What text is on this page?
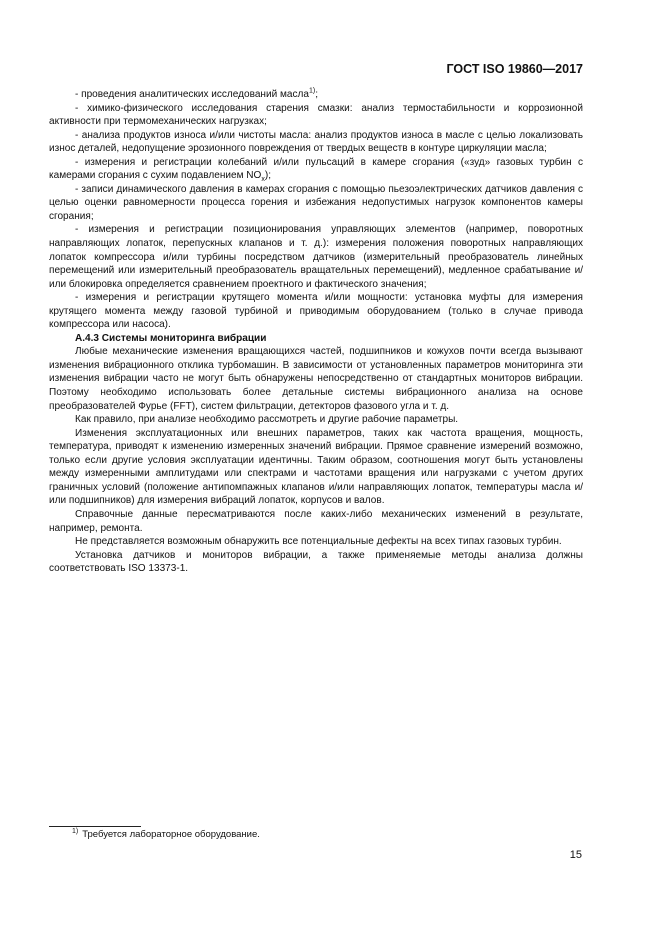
ГОСТ ISO 19860—2017

- проведения аналитических исследований масла$^{1)}$;

- химико-физического исследования старения смазки: анализ термостабильности и коррозионной активности при термомеханических нагрузках;

- анализа продуктов износа и/или чистоты масла: анализ продуктов износа в масле с целью локализовать износ деталей, недопущение эрозионного повреждения от твердых веществ в контуре циркуляции масла;

- измерения и регистрации колебаний и/или пульсаций в камере сгорания («зуд» газовых турбин с камерами сгорания с сухим подавлением $NO_x$);

- записи динамического давления в камерах сгорания с помощью пьезоэлектрических датчиков давления с целью оценки равномерности процесса горения и избежания недопустимых нагрузок компонентов камеры сгорания;

- измерения и регистрации позиционирования управляющих элементов (например, поворотных направляющих лопаток, перепускных клапанов и т. д.): измерения положения поворотных направляющих лопаток компрессора и/или турбины посредством датчиков (измерительный преобразователь линейных перемещений или измерительный преобразователь вращательных перемещений), медленное срабатывание и/или блокировка определяется сравнением проектного и фактического значения;

- измерения и регистрации крутящего момента и/или мощности: установка муфты для измерения крутящего момента между газовой турбиной и приводимым оборудованием (только в случае привода компрессора или насоса).

А.4.3 Системы мониторинга вибрации

Любые механические изменения вращающихся частей, подшипников и кожухов почти всегда вызывают изменения вибрационного отклика турбомашин. В зависимости от установленных параметров мониторинга эти изменения вибрации часто не могут быть обнаружены непосредственно от стандартных мониторов вибрации. Поэтому необходимо использовать более детальные системы вибрационного анализа на основе преобразователей Фурье (FFT), систем фильтрации, детекторов фазового угла и т. д.

Как правило, при анализе необходимо рассмотреть и другие рабочие параметры.

Изменения эксплуатационных или внешних параметров, таких как частота вращения, мощность, температура, приводят к изменению измеренных значений вибрации. Прямое сравнение измерений возможно, только если другие условия эксплуатации идентичны. Таким образом, соотношения могут быть установлены между измеренными амплитудами или спектрами и частотами вращения или нагрузками с учетом других граничных условий (положение антипомпажных клапанов и/или направляющих лопаток, температуры масла и/или подшипников) для измерения вибраций лопаток, корпусов и валов.

Справочные данные пересматриваются после каких-либо механических изменений в результате, например, ремонта.

Не представляется возможным обнаружить все потенциальные дефекты на всех типах газовых турбин.

Установка датчиков и мониторов вибрации, а также применяемые методы анализа должны соответствовать ISO 13373-1.

$^{1)}$ Требуется лабораторное оборудование.
15
